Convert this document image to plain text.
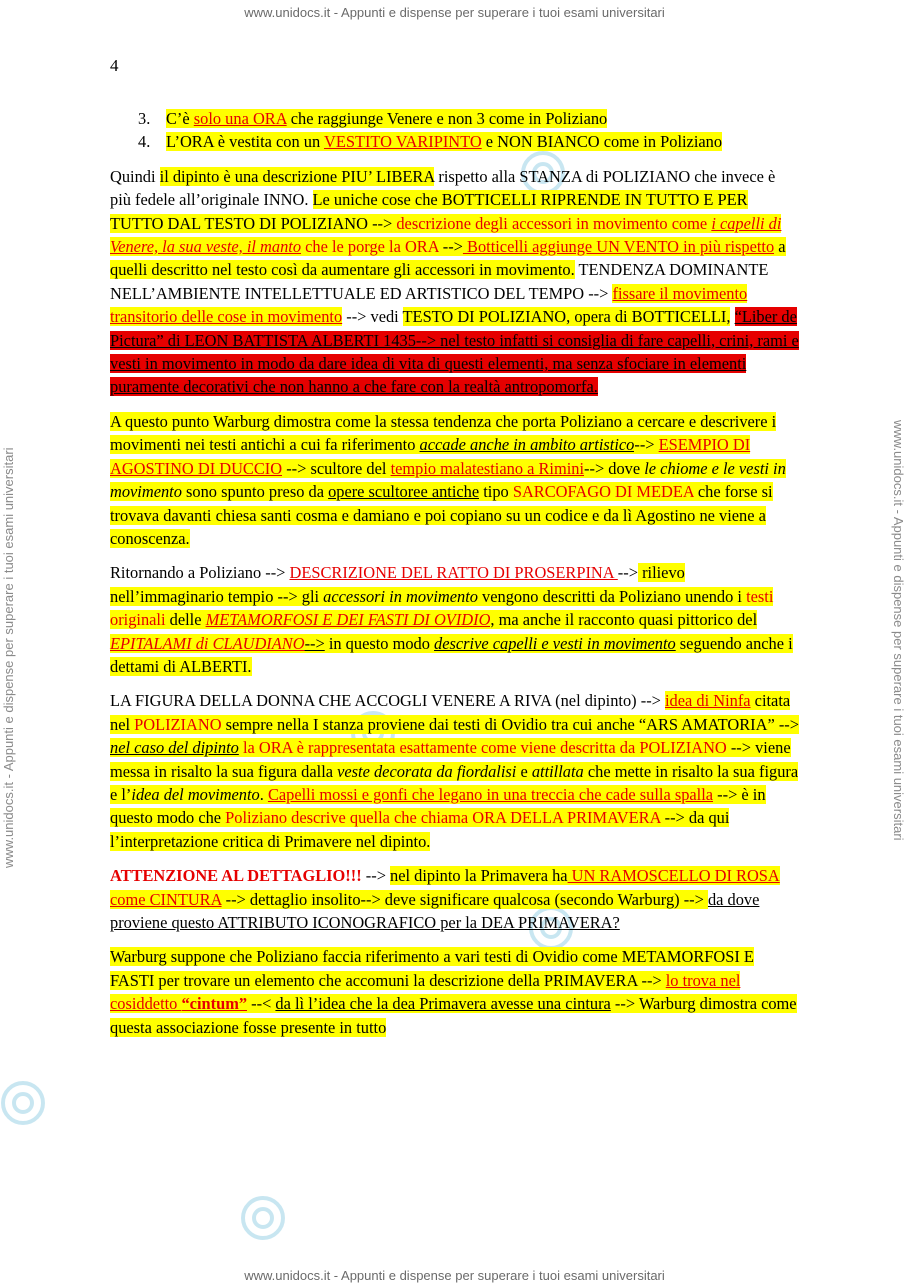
www.unidocs.it - Appunti e dispense per superare i tuoi esami universitari
www.unidocs.it - Appunti e dispense per superare i tuoi esami universitari	www.unidocs.it - Appunti e dispense per superare i tuoi esami universitari
4
3. C’è solo una ORA che raggiunge Venere e non 3 come in Poliziano
4. L’ORA è vestita con un VESTITO VARIPINTO e NON BIANCO come in Poliziano

Quindi il dipinto è una descrizione PIU’ LIBERA rispetto alla STANZA di POLIZIANO che invece è più fedele all’originale INNO. Le uniche cose che BOTTICELLI RIPRENDE IN TUTTO E PER TUTTO DAL TESTO DI POLIZIANO --> descrizione degli accessori in movimento come i capelli di Venere, la sua veste, il manto che le porge la ORA --> Botticelli aggiunge UN VENTO in più rispetto a quelli descritto nel testo così da aumentare gli accessori in movimento. TENDENZA DOMINANTE NELL’AMBIENTE INTELLETTUALE ED ARTISTICO DEL TEMPO --> fissare il movimento transitorio delle cose in movimento --> vedi TESTO DI POLIZIANO, opera di BOTTICELLI, “Liber de Pictura” di LEON BATTISTA ALBERTI 1435--> nel testo infatti si consiglia di fare capelli, crini, rami e vesti in movimento in modo da dare idea di vita di questi elementi, ma senza sfociare in elementi puramente decorativi che non hanno a che fare con la realtà antropomorfa.

A questo punto Warburg dimostra come la stessa tendenza che porta Poliziano a cercare e descrivere i movimenti nei testi antichi a cui fa riferimento accade anche in ambito artistico--> ESEMPIO DI AGOSTINO DI DUCCIO --> scultore del tempio malatestiano a Rimini--> dove le chiome e le vesti in movimento sono spunto preso da opere scultoree antiche tipo SARCOFAGO DI MEDEA che forse si trovava davanti chiesa santi cosma e damiano e poi copiano su un codice e da lì Agostino ne viene a conoscenza.

Ritornando a Poliziano --> DESCRIZIONE DEL RATTO DI PROSERPINA --> rilievo nell’immaginario tempio --> gli accessori in movimento vengono descritti da Poliziano unendo i testi originali delle METAMORFOSI E DEI FASTI DI OVIDIO, ma anche il racconto quasi pittorico del EPITALAMI di CLAUDIANO--> in questo modo descrive capelli e vesti in movimento seguendo anche i dettami di ALBERTI.

LA FIGURA DELLA DONNA CHE ACCOGLI VENERE A RIVA (nel dipinto) --> idea di Ninfa citata nel POLIZIANO sempre nella I stanza proviene dai testi di Ovidio tra cui anche “ARS AMATORIA” --> nel caso del dipinto la ORA è rappresentata esattamente come viene descritta da POLIZIANO --> viene messa in risalto la sua figura dalla veste decorata da fiordalisi e attillata che mette in risalto la sua figura e l’idea del movimento. Capelli mossi e gonfi che legano in una treccia che cade sulla spalla --> è in questo modo che Poliziano descrive quella che chiama ORA DELLA PRIMAVERA --> da qui l’interpretazione critica di Primavere nel dipinto.

ATTENZIONE AL DETTAGLIO!!! --> nel dipinto la Primavera ha UN RAMOSCELLO DI ROSA come CINTURA --> dettaglio insolito--> deve significare qualcosa (secondo Warburg) --> da dove proviene questo ATTRIBUTO ICONOGRAFICO per la DEA PRIMAVERA?

Warburg suppone che Poliziano faccia riferimento a vari testi di Ovidio come METAMORFOSI E FASTI per trovare un elemento che accomuni la descrizione della PRIMAVERA --> lo trova nel cosiddetto “cintum” --< da lì l’idea che la dea Primavera avesse una cintura --> Warburg dimostra come questa associazione fosse presente in tutto

www.unidocs.it - Appunti e dispense per superare i tuoi esami universitari
